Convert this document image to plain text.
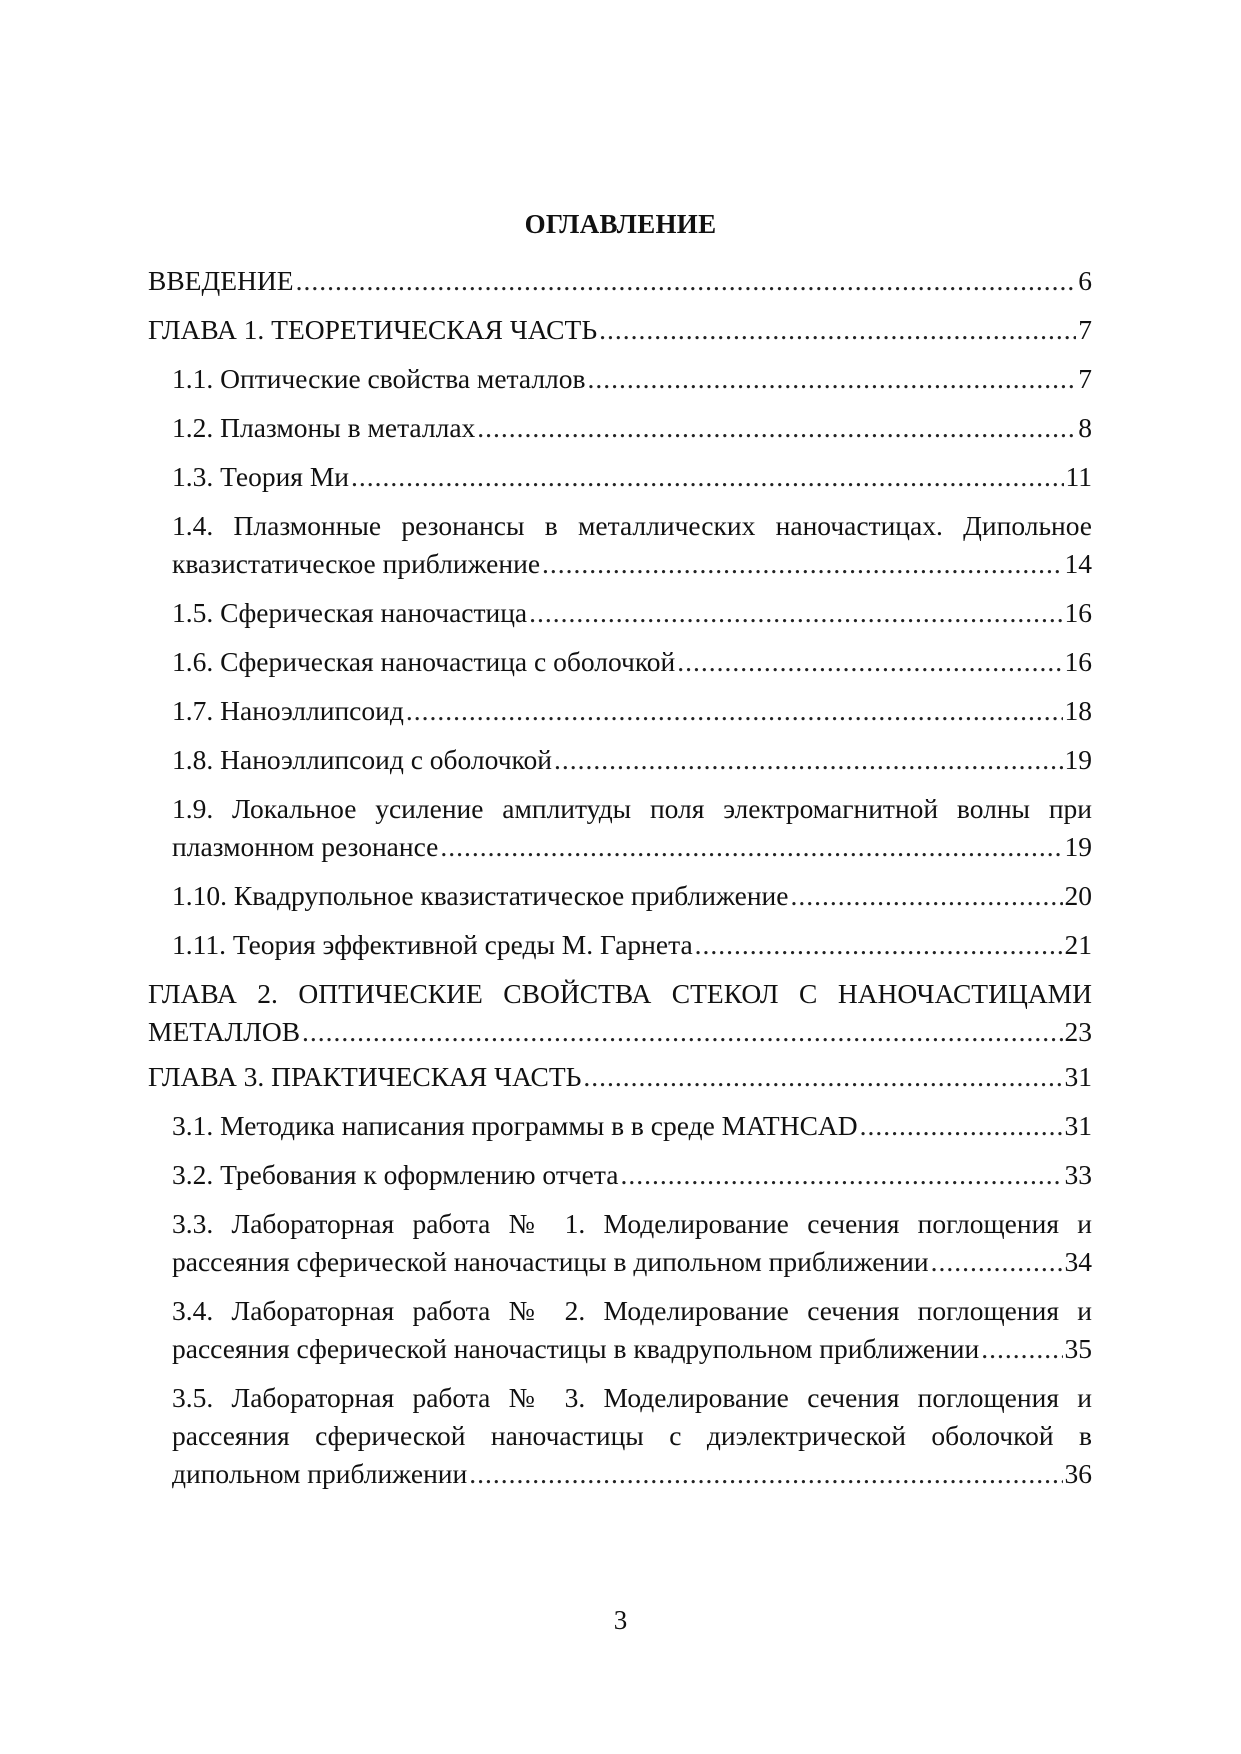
ОГЛАВЛЕНИЕ
ВВЕДЕНИЕ .....	6
ГЛАВА 1. ТЕОРЕТИЧЕСКАЯ ЧАСТЬ .....	7
1.1. Оптические свойства металлов .....	7
1.2. Плазмоны в металлах .....	8
1.3. Теория Ми .....	11
1.4. Плазмонные резонансы в металлических наночастицах. Дипольное
квазистатическое приближение .....	14
1.5. Сферическая наночастица .....	16
1.6. Сферическая наночастица с оболочкой .....	16
1.7. Наноэллипсоид .....	18
1.8. Наноэллипсоид с оболочкой .....	19
1.9. Локальное усиление амплитуды поля электромагнитной волны при
плазмонном резонансе .....	19
1.10. Квадрупольное квазистатическое приближение .....	20
1.11. Теория эффективной среды М. Гарнета .....	21
ГЛАВА 2. ОПТИЧЕСКИЕ СВОЙСТВА СТЕКОЛ С НАНОЧАСТИЦАМИ
МЕТАЛЛОВ .....	23
ГЛАВА 3. ПРАКТИЧЕСКАЯ ЧАСТЬ .....	31
3.1. Методика написания программы в в среде MATHCAD .....	31
3.2. Требования к оформлению отчета .....	33
3.3. Лабораторная работа № 1. Моделирование сечения поглощения и
рассеяния сферической наночастицы в дипольном приближении .....	34
3.4. Лабораторная работа № 2. Моделирование сечения поглощения и
рассеяния сферической наночастицы в квадрупольном приближении .....	35
3.5. Лабораторная работа № 3. Моделирование сечения поглощения и
рассеяния сферической наночастицы с диэлектрической оболочкой в
дипольном приближении .....	36
3
